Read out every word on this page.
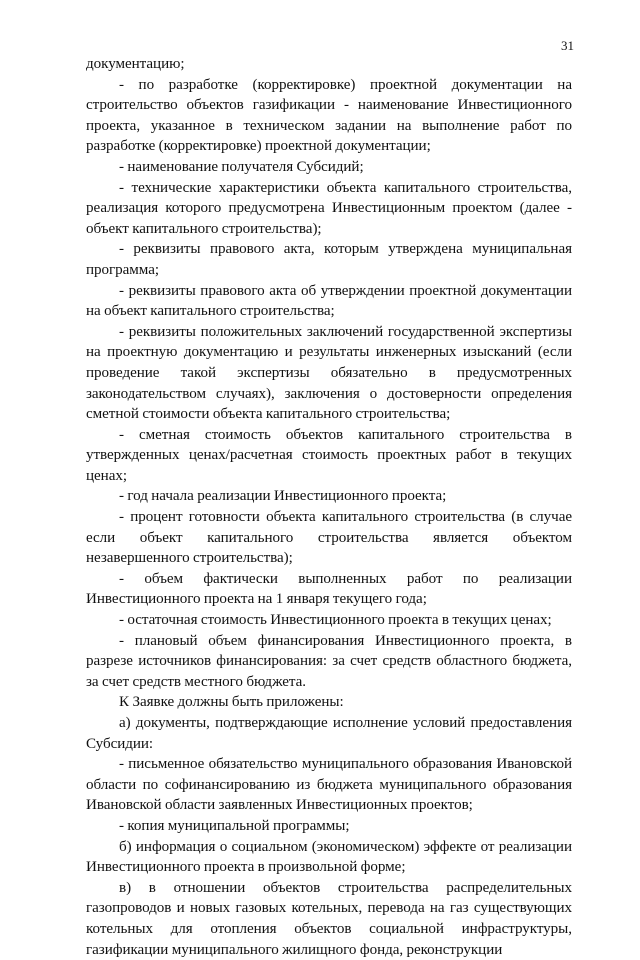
31

документацию;

- по разработке (корректировке) проектной документации на строительство объектов газификации - наименование Инвестиционного проекта, указанное в техническом задании на выполнение работ по разработке (корректировке) проектной документации;

- наименование получателя Субсидий;

- технические характеристики объекта капитального строительства, реализация которого предусмотрена Инвестиционным проектом (далее - объект капитального строительства);

- реквизиты правового акта, которым утверждена муниципальная программа;

- реквизиты правового акта об утверждении проектной документации на объект капитального строительства;

- реквизиты положительных заключений государственной экспертизы на проектную документацию и результаты инженерных изысканий (если проведение такой экспертизы обязательно в предусмотренных законодательством случаях), заключения о достоверности определения сметной стоимости объекта капитального строительства;

- сметная стоимость объектов капитального строительства в утвержденных ценах/расчетная стоимость проектных работ в текущих ценах;

- год начала реализации Инвестиционного проекта;

- процент готовности объекта капитального строительства (в случае если объект капитального строительства является объектом незавершенного строительства);

- объем фактически выполненных работ по реализации Инвестиционного проекта на 1 января текущего года;

- остаточная стоимость Инвестиционного проекта в текущих ценах;

- плановый объем финансирования Инвестиционного проекта, в разрезе источников финансирования: за счет средств областного бюджета, за счет средств местного бюджета.

К Заявке должны быть приложены:

а) документы, подтверждающие исполнение условий предоставления Субсидии:

- письменное обязательство муниципального образования Ивановской области по софинансированию из бюджета муниципального образования Ивановской области заявленных Инвестиционных проектов;

- копия муниципальной программы;

б) информация о социальном (экономическом) эффекте от реализации Инвестиционного проекта в произвольной форме;

в) в отношении объектов строительства распределительных газопроводов и новых газовых котельных, перевода на газ существующих котельных для отопления объектов социальной инфраструктуры, газификации муниципального жилищного фонда, реконструкции
